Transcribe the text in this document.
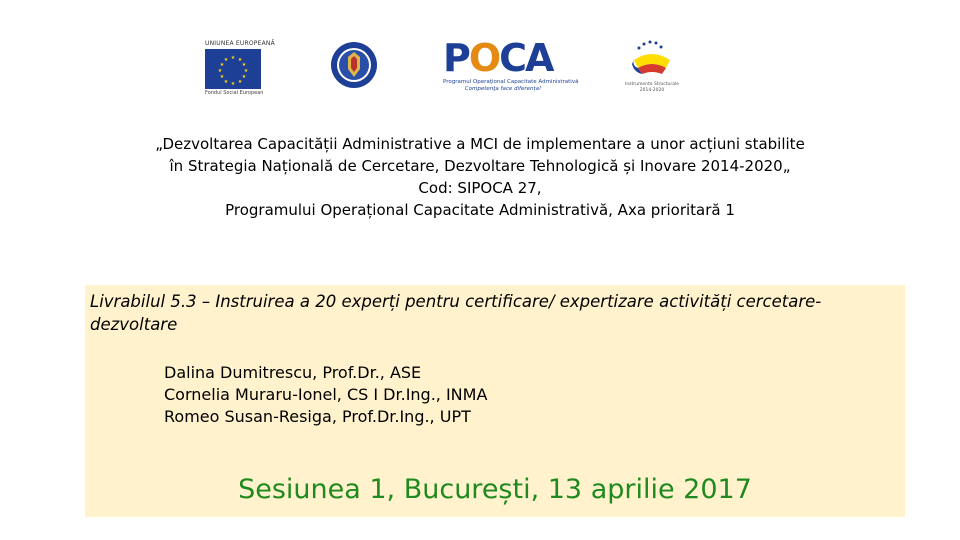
UNIUNEA EUROPEANĂ
★ ★
★
★
★
★
★
★
★
★
★
★
Fondul Social European
POCA
Programul Operaţional Capacitate Administrativă
Competenţa face diferența!
Instrumente Structurale
2014-2020
„Dezvoltarea Capacității Administrative a MCI de implementare a unor acțiuni stabilite
în Strategia Națională de Cercetare, Dezvoltare Tehnologică și Inovare 2014-2020„
Cod: SIPOCA 27,
Programului Operațional Capacitate Administrativă, Axa prioritară 1
Livrabilul 5.3 – Instruirea a 20 experți pentru certificare/ expertizare activități cercetare-dezvoltare
Dalina Dumitrescu, Prof.Dr., ASE
Cornelia Muraru-Ionel, CS I Dr.Ing., INMA
Romeo Susan-Resiga, Prof.Dr.Ing., UPT
Sesiunea 1, București, 13 aprilie 2017
